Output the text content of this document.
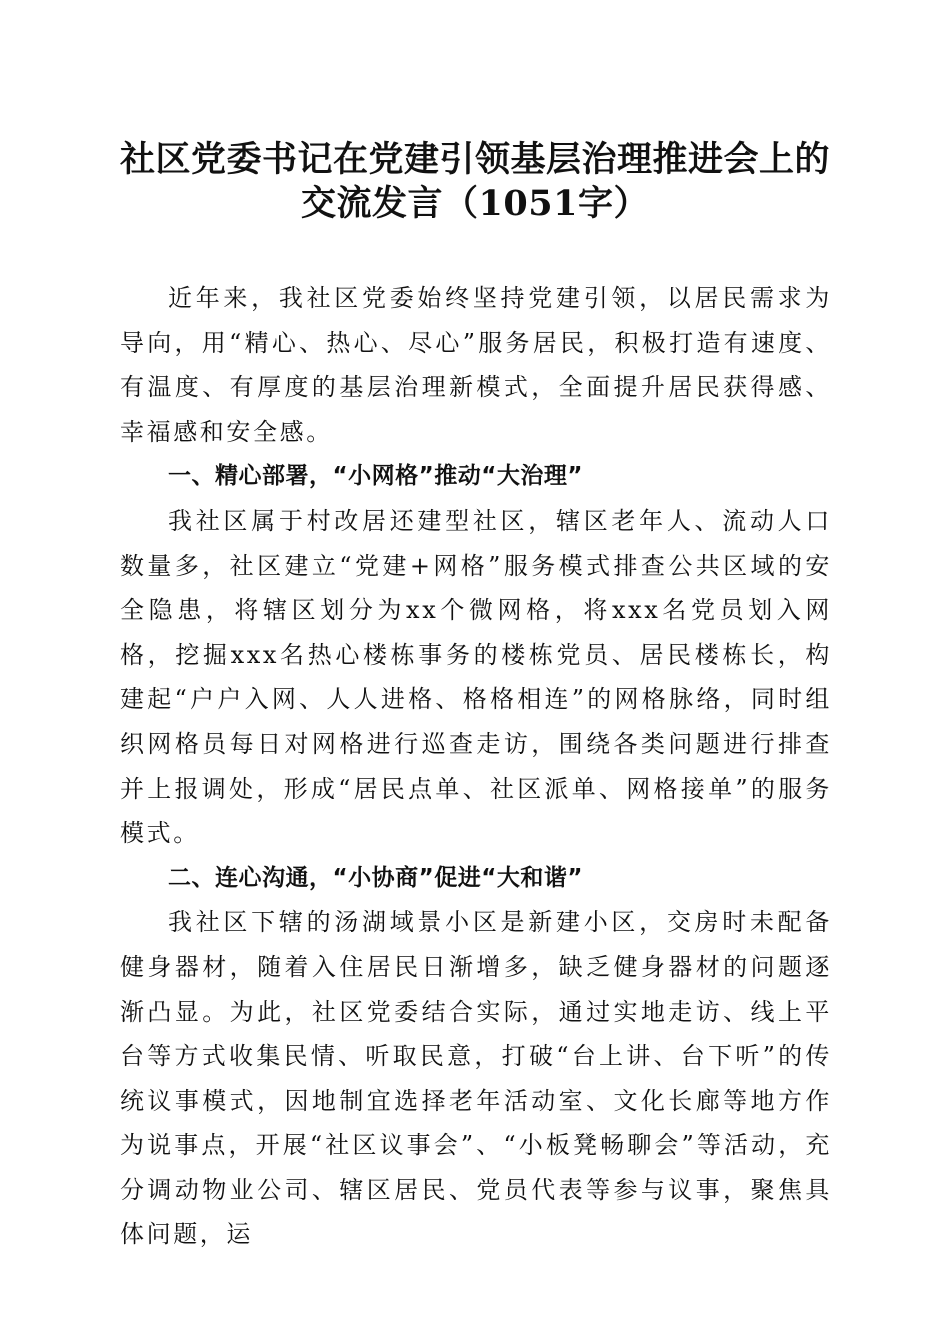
社区党委书记在党建引领基层治理推进会上的
交流发言（1051字）

近年来，我社区党委始终坚持党建引领，以居民需求为导向，用“精心、热心、尽心”服务居民，积极打造有速度、有温度、有厚度的基层治理新模式，全面提升居民获得感、幸福感和安全感。

一、精心部署，“小网格”推动“大治理”

我社区属于村改居还建型社区，辖区老年人、流动人口数量多，社区建立“党建+网格”服务模式排查公共区域的安全隐患，将辖区划分为xx个微网格，将xxx名党员划入网格，挖掘xxx名热心楼栋事务的楼栋党员、居民楼栋长，构建起“户户入网、人人进格、格格相连”的网格脉络，同时组织网格员每日对网格进行巡查走访，围绕各类问题进行排查并上报调处，形成“居民点单、社区派单、网格接单”的服务模式。

二、连心沟通，“小协商”促进“大和谐”

我社区下辖的汤湖域景小区是新建小区，交房时未配备健身器材，随着入住居民日渐增多，缺乏健身器材的问题逐渐凸显。为此，社区党委结合实际，通过实地走访、线上平台等方式收集民情、听取民意，打破“台上讲、台下听”的传统议事模式，因地制宜选择老年活动室、文化长廊等地方作为说事点，开展“社区议事会”、“小板凳畅聊会”等活动，充分调动物业公司、辖区居民、党员代表等参与议事，聚焦具体问题，运
